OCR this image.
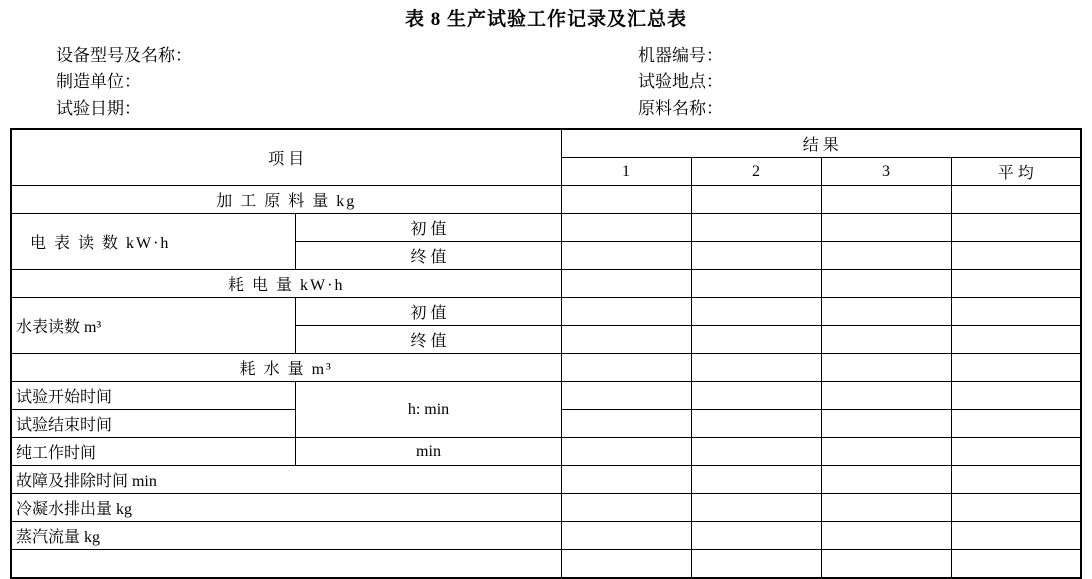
表 8 生产试验工作记录及汇总表
设备型号及名称：	机器编号：
制造单位：	试验地点：
试验日期：	原料名称：
项 目		结 果			
		1	2	3	平 均
加 工 原 料 量 kg					
电 表 读 数 kW·h	初 值				
	终 值				
耗 电 量 kW·h					
水表读数 m³	初 值				
	终 值				
耗 水 量 m³					
试验开始时间	h: min				
试验结束时间					
纯工作时间	min				
故障及排除时间 min					
冷凝水排出量 kg					
蒸汽流量 kg					
